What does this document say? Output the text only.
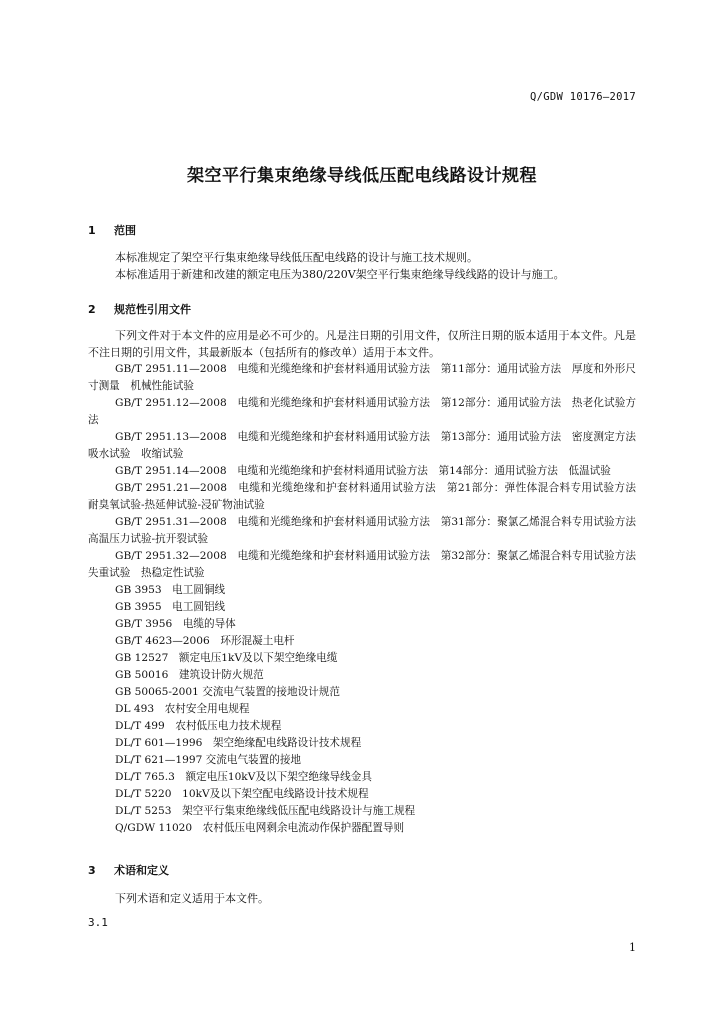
Q/GDW 10176—2017
架空平行集束绝缘导线低压配电线路设计规程
1 范围

本标准规定了架空平行集束绝缘导线低压配电线路的设计与施工技术规则。

本标准适用于新建和改建的额定电压为380/220V架空平行集束绝缘导线线路的设计与施工。

2 规范性引用文件

下列文件对于本文件的应用是必不可少的。凡是注日期的引用文件，仅所注日期的版本适用于本文件。凡是不注日期的引用文件，其最新版本（包括所有的修改单）适用于本文件。

GB/T 2951.11—2008　电缆和光缆绝缘和护套材料通用试验方法　第11部分：通用试验方法　厚度和外形尺寸测量　机械性能试验

GB/T 2951.12—2008　电缆和光缆绝缘和护套材料通用试验方法　第12部分：通用试验方法　热老化试验方法

GB/T 2951.13—2008　电缆和光缆绝缘和护套材料通用试验方法　第13部分：通用试验方法　密度测定方法　吸水试验　收缩试验

GB/T 2951.14—2008　电缆和光缆绝缘和护套材料通用试验方法　第14部分：通用试验方法　低温试验

GB/T 2951.21—2008　电缆和光缆绝缘和护套材料通用试验方法　第21部分：弹性体混合料专用试验方法　耐臭氧试验-热延伸试验-浸矿物油试验

GB/T 2951.31—2008　电缆和光缆绝缘和护套材料通用试验方法　第31部分：聚氯乙烯混合料专用试验方法　高温压力试验-抗开裂试验

GB/T 2951.32—2008　电缆和光缆绝缘和护套材料通用试验方法　第32部分：聚氯乙烯混合料专用试验方法　失重试验　热稳定性试验

GB 3953　电工圆铜线

GB 3955　电工圆铝线

GB/T 3956　电缆的导体

GB/T 4623—2006　环形混凝土电杆

GB 12527　额定电压1kV及以下架空绝缘电缆

GB 50016　建筑设计防火规范

GB 50065-2001 交流电气装置的接地设计规范

DL 493　农村安全用电规程

DL/T 499　农村低压电力技术规程

DL/T 601—1996　架空绝缘配电线路设计技术规程

DL/T 621—1997 交流电气装置的接地

DL/T 765.3　额定电压10kV及以下架空绝缘导线金具

DL/T 5220　10kV及以下架空配电线路设计技术规程

DL/T 5253　架空平行集束绝缘线低压配电线路设计与施工规程

Q/GDW 11020　农村低压电网剩余电流动作保护器配置导则

3 术语和定义

下列术语和定义适用于本文件。

3.1
1
